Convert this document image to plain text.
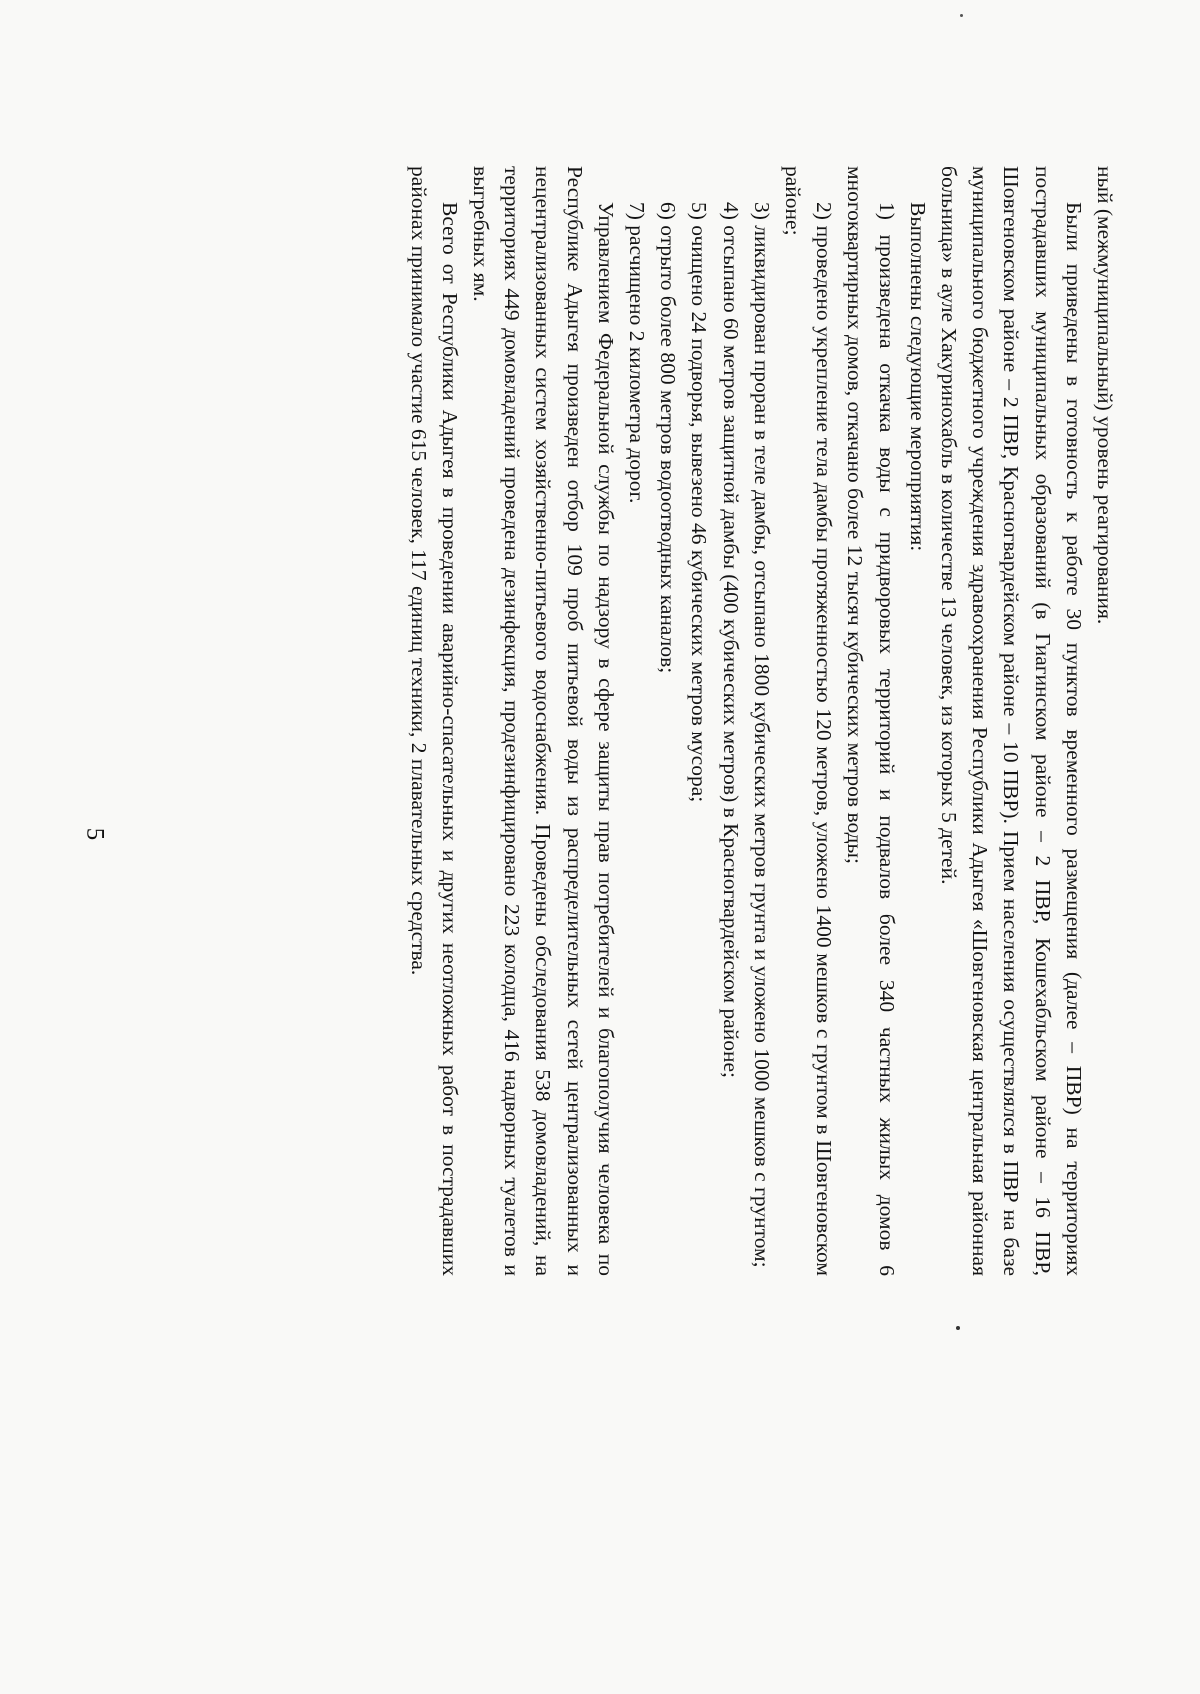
5

ный (межмуниципальный) уровень реагирования.

Были приведены в готовность к работе 30 пунктов временного размещения (далее – ПВР) на территориях пострадавших муниципальных образований (в Гиагинском районе – 2 ПВР, Кошехабльском районе – 16 ПВР, Шовгеновском районе – 2 ПВР, Красногвардейском районе – 10 ПВР). Прием населения осуществлялся в ПВР на базе муниципального бюджетного учреждения здравоохранения Республики Адыгея «Шовгеновская центральная районная больница» в ауле Хакуринохабль в количестве 13 человек, из которых 5 детей.

Выполнены следующие мероприятия:

1) произведена откачка воды с придворовых территорий и подвалов более 340 частных жилых домов 6 многоквартирных домов, откачано более 12 тысяч кубических метров воды;

2) проведено укрепление тела дамбы протяженностью 120 метров, уложено 1400 мешков с грунтом в Шовгеновском районе;

3) ликвидирован проран в теле дамбы, отсыпано 1800 кубических метров грунта и уложено 1000 мешков с грунтом;

4) отсыпано 60 метров защитной дамбы (400 кубических метров) в Красногвардейском районе;

5) очищено 24 подворья, вывезено 46 кубических метров мусора;

6) отрыто более 800 метров водоотводных каналов;

7) расчищено 2 километра дорог.

Управлением Федеральной службы по надзору в сфере защиты прав потребителей и благополучия человека по Республике Адыгея произведен отбор 109 проб питьевой воды из распределительных сетей централизованных и нецентрализованных систем хозяйственно-питьевого водоснабжения. Проведены обследования 538 домовладений, на территориях 449 домовладений проведена дезинфекция, продезинфицировано 223 колодца, 416 надворных туалетов и выгребных ям.

Всего от Республики Адыгея в проведении аварийно-спасательных и других неотложных работ в пострадавших районах принимало участие 615 человек, 117 единиц техники, 2 плавательных средства.
